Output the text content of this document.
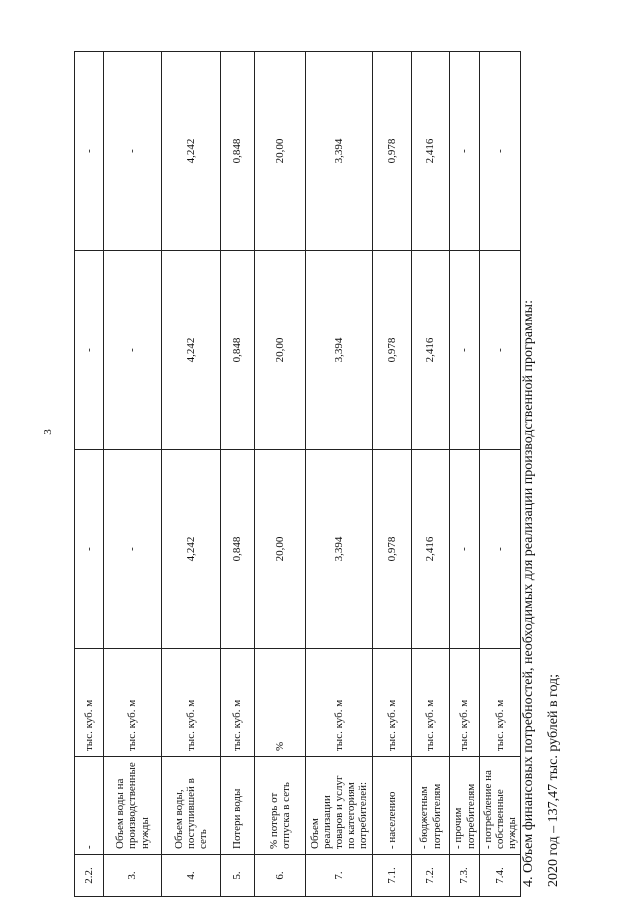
3
2.2.	-	тыс. куб. м	-	-	-
3.	Объем воды на производственные нужды	тыс. куб. м	-	-	-
4.	Объем воды, поступившей в сеть	тыс. куб. м	4,242	4,242	4,242
5.	Потери воды	тыс. куб. м	0,848	0,848	0,848
6.	% потерь от отпуска в сеть	%	20,00	20,00	20,00
7.	Объем реализации товаров и услуг по категориям потребителей:	тыс. куб. м	3,394	3,394	3,394
7.1.	- населению	тыс. куб. м	0,978	0,978	0,978
7.2.	- бюджетным потребителям	тыс. куб. м	2,416	2,416	2,416
7.3.	- прочим потребителям	тыс. куб. м	-	-	-
7.4.	- потребление на собственные нужды	тыс. куб. м	-	-	-
4. Объем финансовых потребностей, необходимых для реализации производственной программы: 2020 год – 137,47 тыс. рублей в год;
